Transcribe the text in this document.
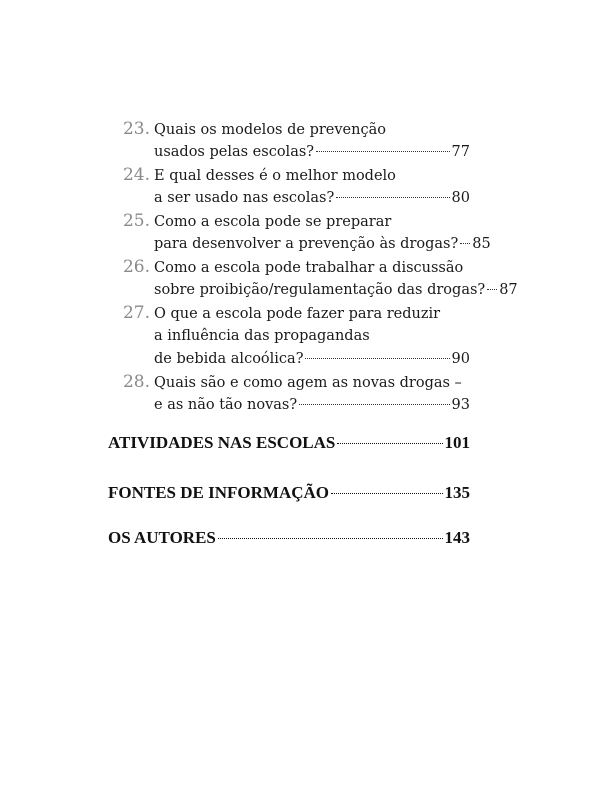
23. Quais os modelos de prevenção
usados pelas escolas?	77
24. E qual desses é o melhor modelo
a ser usado nas escolas?	80
25. Como a escola pode se preparar
para desenvolver a prevenção às drogas? 85
26. Como a escola pode trabalhar a discussão
sobre proibição/regulamentação das drogas? 87
27. O que a escola pode fazer para reduzir
a influência das propagandas
de bebida alcoólica?	90
28. Quais são e como agem as novas drogas –
e as não tão novas?	93
ATIVIDADES NAS ESCOLAS	101
FONTES DE INFORMAÇÃO	135
OS AUTORES	143
